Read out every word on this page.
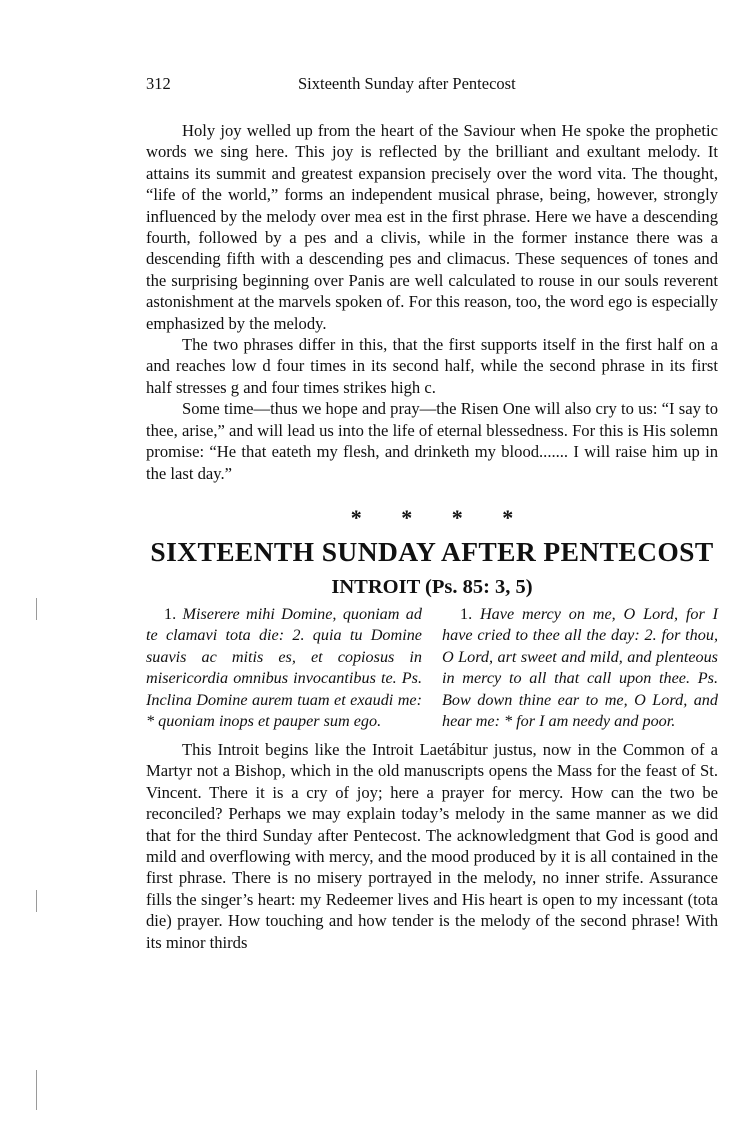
312	Sixteenth Sunday after Pentecost

Holy joy welled up from the heart of the Saviour when He spoke the prophetic words we sing here. This joy is reflected by the brilliant and exultant melody. It attains its summit and greatest expansion precisely over the word vita. The thought, “life of the world,” forms an independent musical phrase, being, however, strongly influenced by the melody over mea est in the first phrase. Here we have a descending fourth, followed by a pes and a clivis, while in the former instance there was a descending fifth with a descending pes and climacus. These sequences of tones and the surprising beginning over Panis are well calculated to rouse in our souls reverent astonishment at the marvels spoken of. For this reason, too, the word ego is especially emphasized by the melody.

The two phrases differ in this, that the first supports itself in the first half on a and reaches low d four times in its second half, while the second phrase in its first half stresses g and four times strikes high c.

Some time—thus we hope and pray—the Risen One will also cry to us: “I say to thee, arise,” and will lead us into the life of eternal blessedness. For this is His solemn promise: “He that eateth my flesh, and drinketh my blood....... I will raise him up in the last day.”

* * * *
SIXTEENTH SUNDAY AFTER PENTECOST
INTROIT (Ps. 85: 3, 5)

1. Miserere mihi Domine, quoniam ad te clamavi tota die: 2. quia tu Domine suavis ac mitis es, et copiosus in misericordia omnibus invocantibus te. Ps. Inclina Domine aurem tuam et exaudi me: * quoniam inops et pauper sum ego.

1. Have mercy on me, O Lord, for I have cried to thee all the day: 2. for thou, O Lord, art sweet and mild, and plenteous in mercy to all that call upon thee. Ps. Bow down thine ear to me, O Lord, and hear me: * for I am needy and poor.

This Introit begins like the Introit Laetábitur justus, now in the Common of a Martyr not a Bishop, which in the old manuscripts opens the Mass for the feast of St. Vincent. There it is a cry of joy; here a prayer for mercy. How can the two be reconciled? Perhaps we may explain today’s melody in the same manner as we did that for the third Sunday after Pentecost. The acknowledgment that God is good and mild and overflowing with mercy, and the mood produced by it is all contained in the first phrase. There is no misery portrayed in the melody, no inner strife. Assurance fills the singer’s heart: my Redeemer lives and His heart is open to my incessant (tota die) prayer. How touching and how tender is the melody of the second phrase! With its minor thirds
